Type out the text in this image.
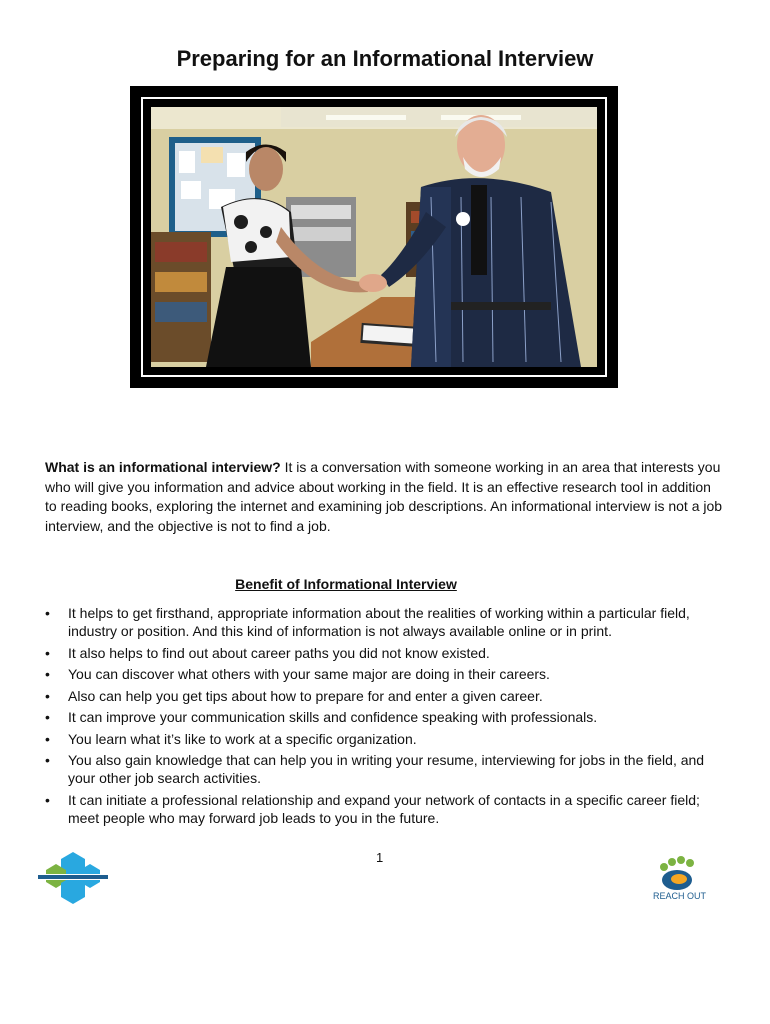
Preparing for an Informational Interview

What is an informational interview? It is a conversation with someone working in an area that interests you who will give you information and advice about working in the field. It is an effective research tool in addition to reading books, exploring the internet and examining job descriptions. An informational interview is not a job interview, and the objective is not to find a job.

Benefit of Informational Interview
• It helps to get firsthand, appropriate information about the realities of working within a particular field, industry or position. And this kind of information is not always available online or in print.
• It also helps to find out about career paths you did not know existed.
• You can discover what others with your same major are doing in their careers.
• Also can help you get tips about how to prepare for and enter a given career.
• It can improve your communication skills and confidence speaking with professionals.
• You learn what it’s like to work at a specific organization.
• You also gain knowledge that can help you in writing your resume, interviewing for jobs in the field, and your other job search activities.
• It can initiate a professional relationship and expand your network of contacts in a specific career field; meet people who may forward job leads to you in the future.
1
REACH OUT
